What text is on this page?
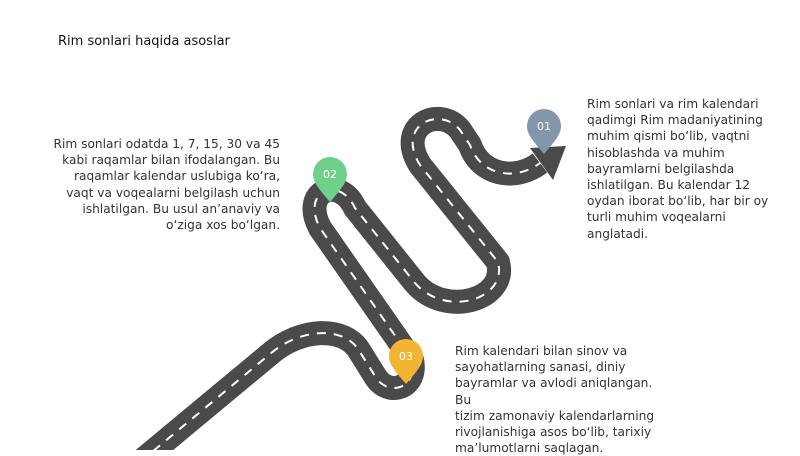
Rim sonlari haqida asoslar
01
02
03
Rim sonlari odatda 1, 7, 15, 30 va 45
kabi raqamlar bilan ifodalangan. Bu
raqamlar kalendar uslubiga ko‘ra,
vaqt va voqealarni belgilash uchun
ishlatilgan. Bu usul an’anaviy va
o‘ziga xos bo‘lgan.
Rim sonlari va rim kalendari
qadimgi Rim madaniyatining
muhim qismi bo‘lib, vaqtni
hisoblashda va muhim
bayramlarni belgilashda
ishlatilgan. Bu kalendar 12
oydan iborat bo‘lib, har bir oy
turli muhim voqealarni
anglatadi.
Rim kalendari bilan sinov va
sayohatlarning sanasi, diniy
bayramlar va avlodi aniqlangan. Bu
tizim zamonaviy kalendarlarning
rivojlanishiga asos bo‘lib, tarixiy
ma’lumotlarni saqlagan.
